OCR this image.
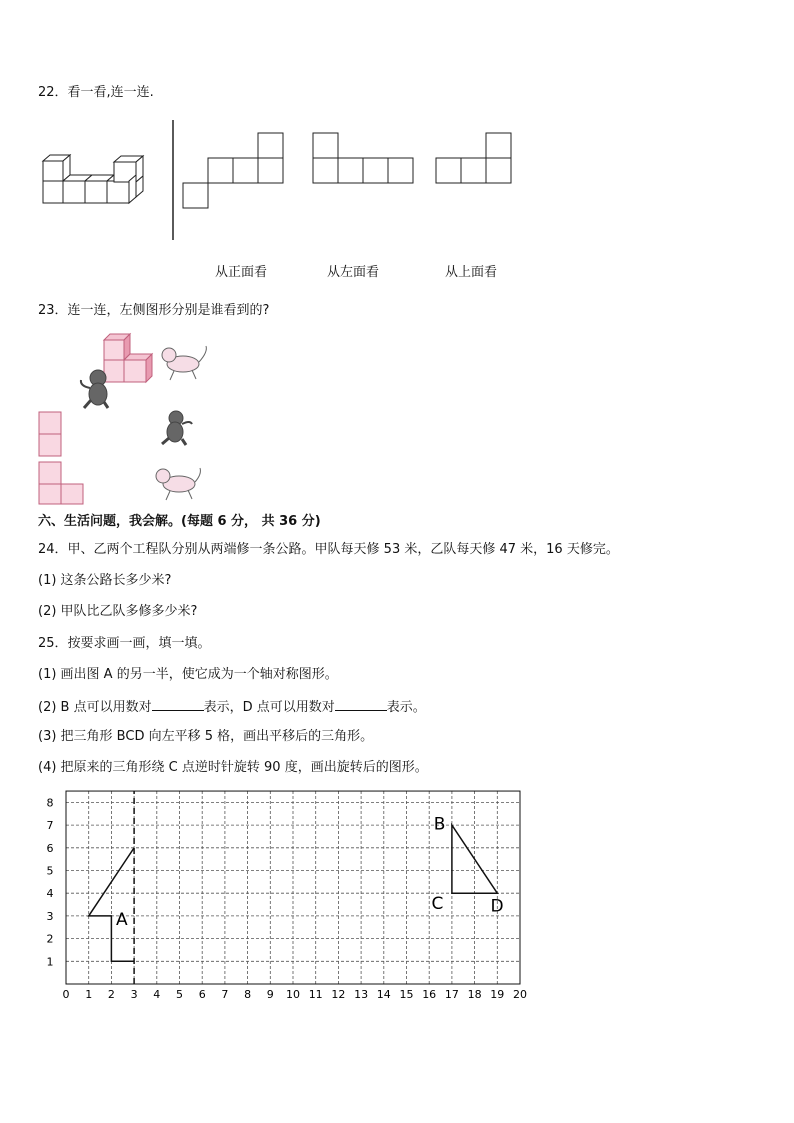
22．看一看,连一连.
从正面看	从左面看	从上面看
23．连一连，左侧图形分别是谁看到的?
六、生活问题，我会解。(每题 6 分， 共 36 分)
24．甲、乙两个工程队分别从两端修一条公路。甲队每天修 53 米，乙队每天修 47 米，16 天修完。
(1) 这条公路长多少米?
(2) 甲队比乙队多修多少米?
25．按要求画一画，填一填。
(1) 画出图 A 的另一半，使它成为一个轴对称图形。
(2) B 点可以用数对	表示，D 点可以用数对	表示。
(3) 把三角形 BCD 向左平移 5 格，画出平移后的三角形。
(4) 把原来的三角形绕 C 点逆时针旋转 90 度，画出旋转后的图形。
0 1 2 3 4 5 6 7 8 9 10 11 12 13 14 15 16 17 18 19 20
1
2
3
4
5
6
7
8
A
B
C	D
